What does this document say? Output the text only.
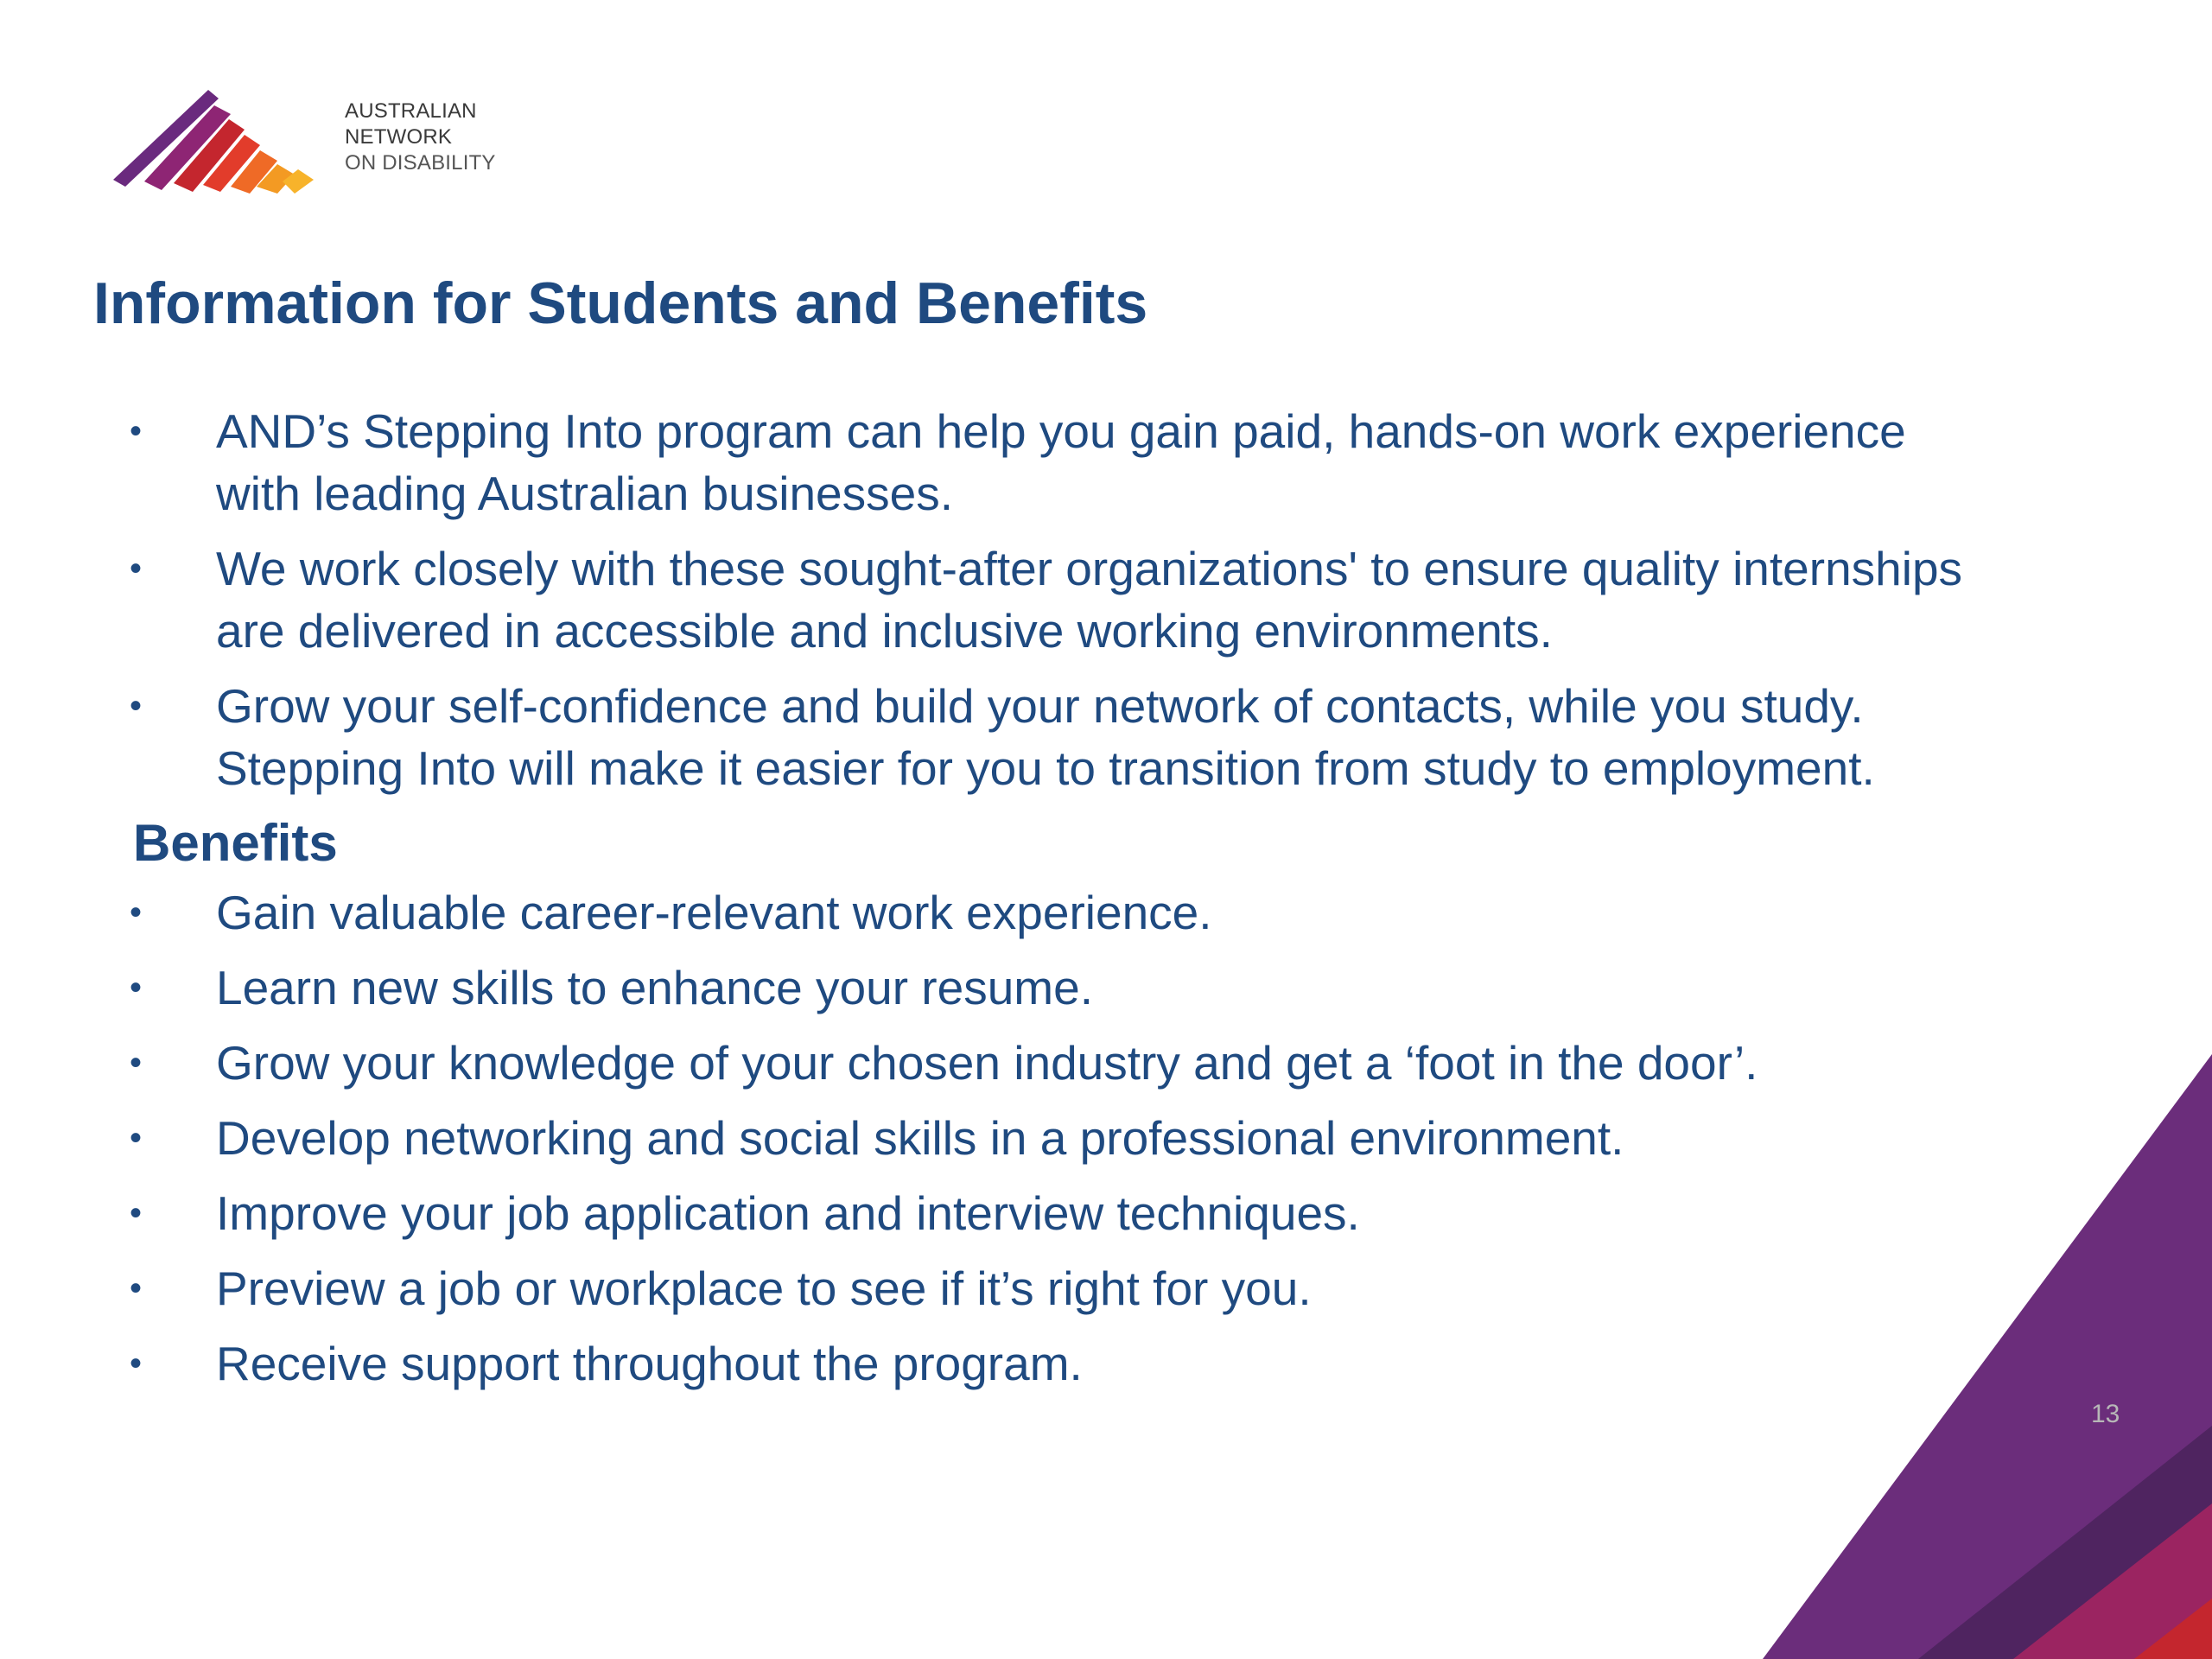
AUSTRALIAN
NETWORK
ON DISABILITY
Information for Students and Benefits
• AND’s Stepping Into program can help you gain paid, hands-on work experience with leading Australian businesses.
• We work closely with these sought-after organizations' to ensure quality internships are delivered in accessible and inclusive working environments.
• Grow your self-confidence and build your network of contacts, while you study. Stepping Into will make it easier for you to transition from study to employment.
Benefits
• Gain valuable career-relevant work experience.
• Learn new skills to enhance your resume.
• Grow your knowledge of your chosen industry and get a ‘foot in the door’.
• Develop networking and social skills in a professional environment.
• Improve your job application and interview techniques.
• Preview a job or workplace to see if it’s right for you.
• Receive support throughout the program.
13
